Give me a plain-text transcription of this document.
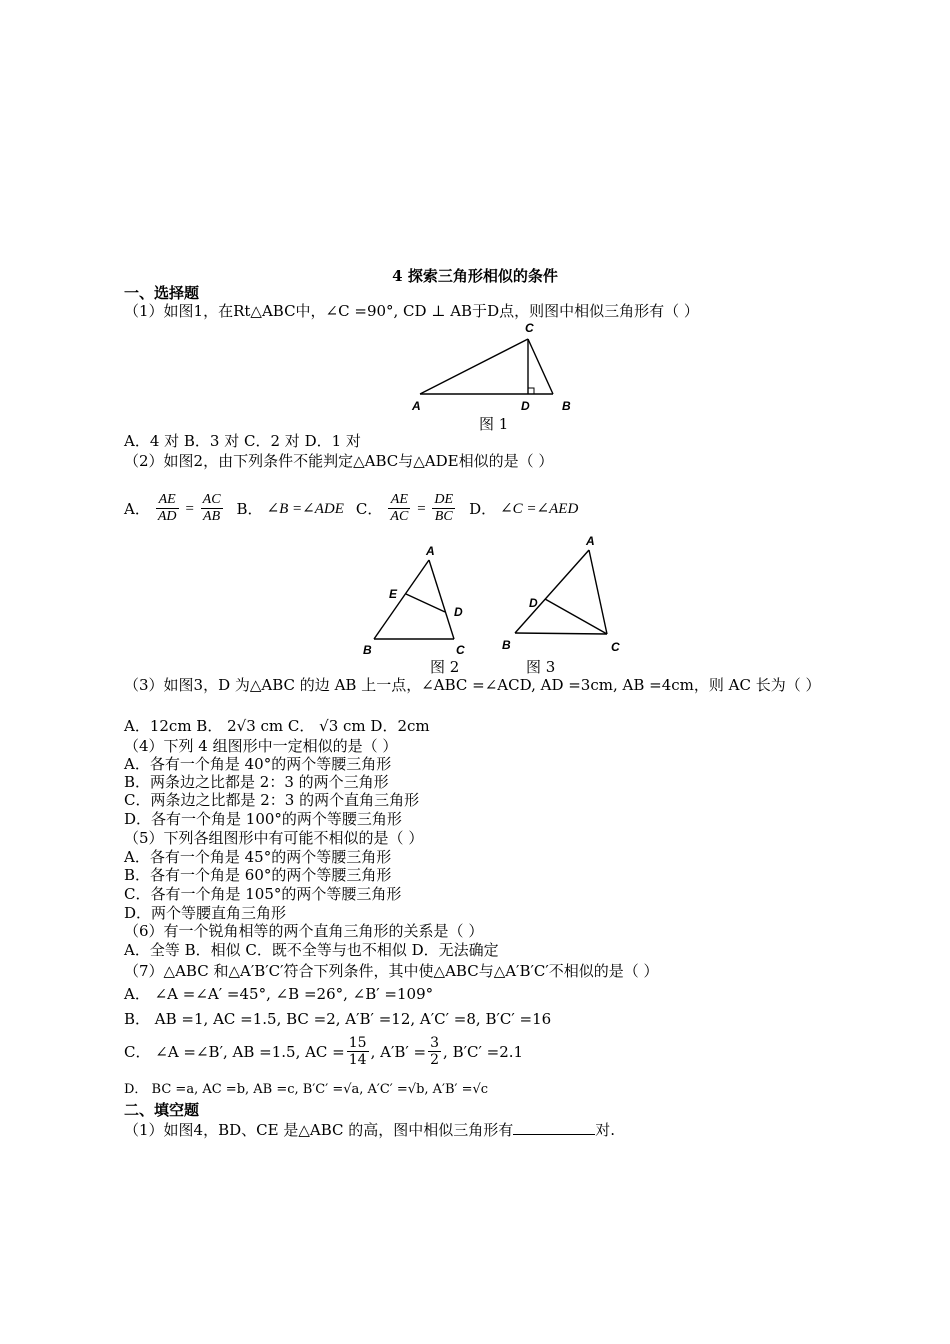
4 探索三角形相似的条件
一、选择题
（1）如图1，在Rt△ABC中，∠C =90°, CD ⊥ AB于D点，则图中相似三角形有（ ）
C
A	D	B
图 1
A．4 对 B．3 对 C．2 对 D．1 对
（2）如图2，由下列条件不能判定△ABC与△ADE相似的是（ ）
A． $\frac{AE}{AD} = \frac{AC}{AB}$ B． ∠B =∠ADE C． $\frac{AE}{AC} = \frac{DE}{BC}$ D． ∠C =∠AED
A
E
D
B	C
图 2
A
D
B	C
图 3
（3）如图3，D 为△ABC 的边 AB 上一点，∠ABC =∠ACD, AD =3cm, AB =4cm，则 AC 长为（ ）
A．12cm B． 2√3 cm C． √3 cm D．2cm
（4）下列 4 组图形中一定相似的是（ ）
A．各有一个角是 40°的两个等腰三角形
B．两条边之比都是 2：3 的两个三角形
C．两条边之比都是 2：3 的两个直角三角形
D．各有一个角是 100°的两个等腰三角形
（5）下列各组图形中有可能不相似的是（ ）
A．各有一个角是 45°的两个等腰三角形
B．各有一个角是 60°的两个等腰三角形
C．各有一个角是 105°的两个等腰三角形
D．两个等腰直角三角形
（6）有一个锐角相等的两个直角三角形的关系是（ ）
A．全等 B．相似 C．既不全等与也不相似 D．无法确定
（7）△ABC 和△A′B′C′符合下列条件，其中使△ABC与△A′B′C′不相似的是（ ）
A． ∠A =∠A′ =45°, ∠B =26°, ∠B′ =109°
B． AB =1, AC =1.5, BC =2, A′B′ =12, A′C′ =8, B′C′ =16
C． ∠A =∠B′, AB =1.5, AC = $\frac{15}{14}$ , $A'B' = \frac{3}{2}$ , B′C′ =2.1
D． BC =a, AC =b, AB =c, B′C′ =√a, A′C′ =√b, A′B′ =√c
二、填空题
（1）如图4，BD、CE 是△ABC 的高，图中相似三角形有	对.
